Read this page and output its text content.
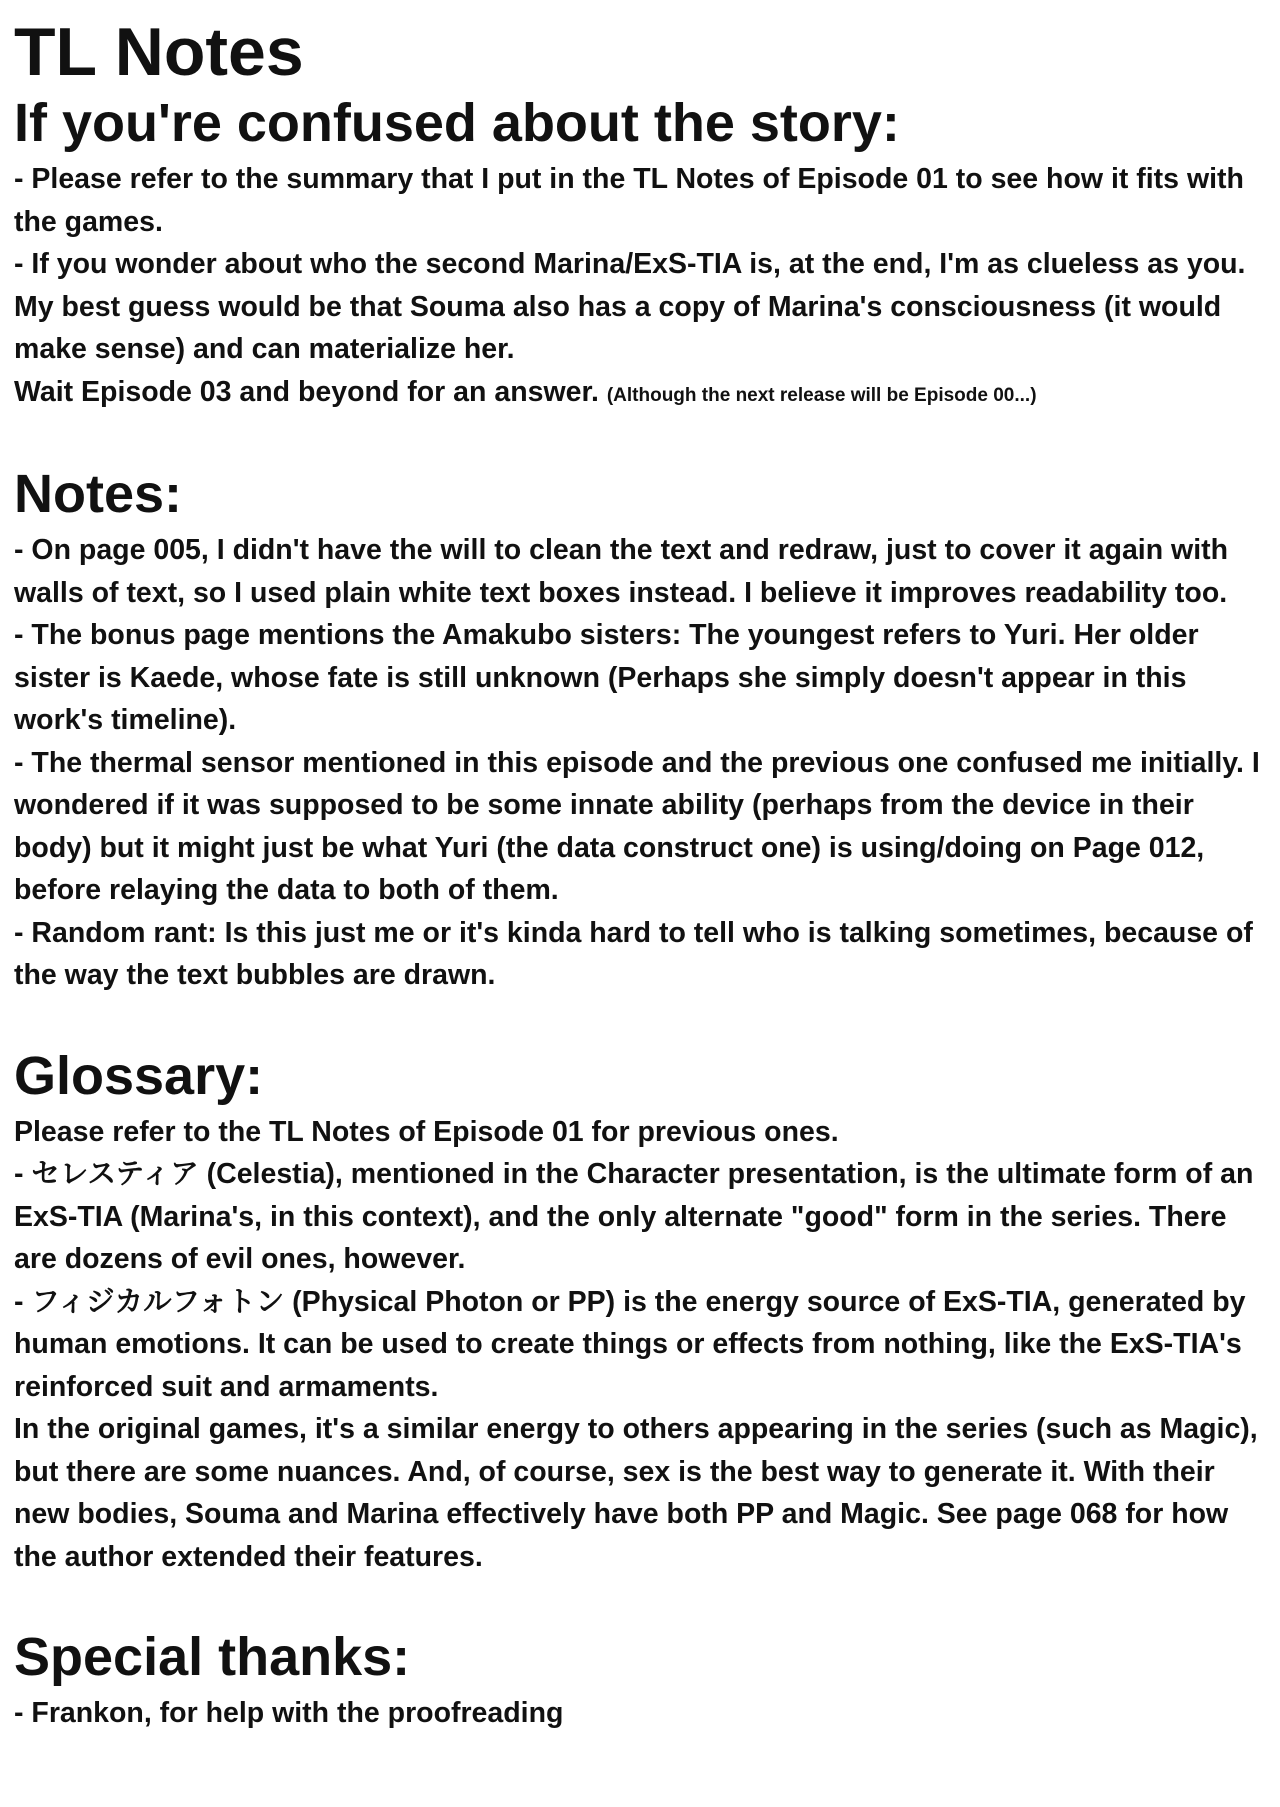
TL Notes
If you're confused about the story:

- Please refer to the summary that I put in the TL Notes of Episode 01 to see how it fits with the games.

- If you wonder about who the second Marina/ExS-TIA is, at the end, I'm as clueless as you. My best guess would be that Souma also has a copy of Marina's consciousness (it would make sense) and can materialize her.

Wait Episode 03 and beyond for an answer. (Although the next release will be Episode 00...)

Notes:

- On page 005, I didn't have the will to clean the text and redraw, just to cover it again with walls of text, so I used plain white text boxes instead. I believe it improves readability too.

- The bonus page mentions the Amakubo sisters: The youngest refers to Yuri. Her older sister is Kaede, whose fate is still unknown (Perhaps she simply doesn't appear in this work's timeline).

- The thermal sensor mentioned in this episode and the previous one confused me initially. I wondered if it was supposed to be some innate ability (perhaps from the device in their body) but it might just be what Yuri (the data construct one) is using/doing on Page 012, before relaying the data to both of them.

- Random rant: Is this just me or it's kinda hard to tell who is talking sometimes, because of the way the text bubbles are drawn.

Glossary:

Please refer to the TL Notes of Episode 01 for previous ones.

- セレスティア (Celestia), mentioned in the Character presentation, is the ultimate form of an ExS-TIA (Marina's, in this context), and the only alternate "good" form in the series. There are dozens of evil ones, however.

- フィジカルフォトン (Physical Photon or PP) is the energy source of ExS-TIA, generated by human emotions. It can be used to create things or effects from nothing, like the ExS-TIA's reinforced suit and armaments.

In the original games, it's a similar energy to others appearing in the series (such as Magic), but there are some nuances. And, of course, sex is the best way to generate it. With their new bodies, Souma and Marina effectively have both PP and Magic. See page 068 for how the author extended their features.

Special thanks:

- Frankon, for help with the proofreading
